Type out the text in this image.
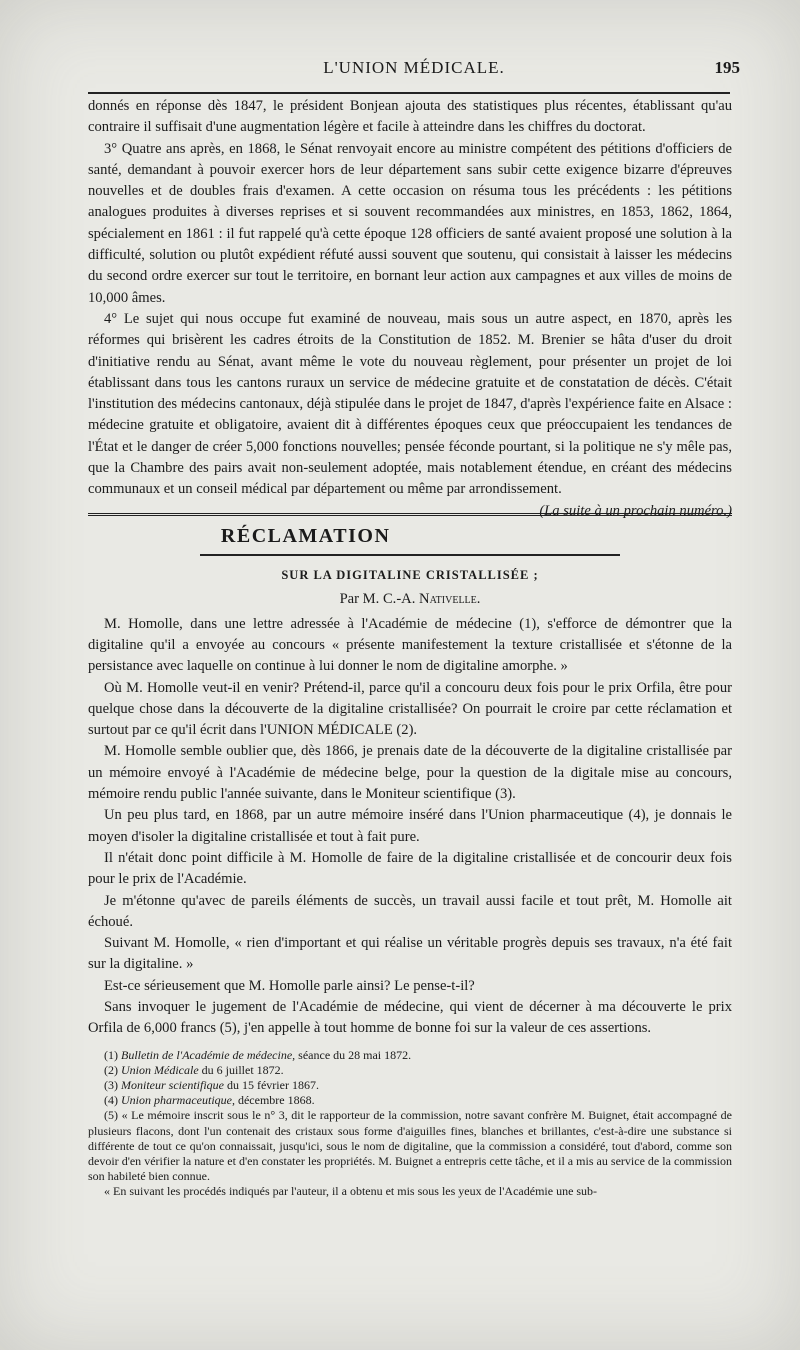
L'UNION MÉDICALE.	195

donnés en réponse dès 1847, le président Bonjean ajouta des statistiques plus récentes, établissant qu'au contraire il suffisait d'une augmentation légère et facile à atteindre dans les chiffres du doctorat.

3° Quatre ans après, en 1868, le Sénat renvoyait encore au ministre compétent des pétitions d'officiers de santé, demandant à pouvoir exercer hors de leur département sans subir cette exigence bizarre d'épreuves nouvelles et de doubles frais d'examen. A cette occasion on résuma tous les précédents : les pétitions analogues produites à diverses reprises et si souvent recommandées aux ministres, en 1853, 1862, 1864, spécialement en 1861 : il fut rappelé qu'à cette époque 128 officiers de santé avaient proposé une solution à la difficulté, solution ou plutôt expédient réfuté aussi souvent que soutenu, qui consistait à laisser les médecins du second ordre exercer sur tout le territoire, en bornant leur action aux campagnes et aux villes de moins de 10,000 âmes.

4° Le sujet qui nous occupe fut examiné de nouveau, mais sous un autre aspect, en 1870, après les réformes qui brisèrent les cadres étroits de la Constitution de 1852. M. Brenier se hâta d'user du droit d'initiative rendu au Sénat, avant même le vote du nouveau règlement, pour présenter un projet de loi établissant dans tous les cantons ruraux un service de médecine gratuite et de constatation de décès. C'était l'institution des médecins cantonaux, déjà stipulée dans le projet de 1847, d'après l'expérience faite en Alsace : médecine gratuite et obligatoire, avaient dit à différentes époques ceux que préoccupaient les tendances de l'État et le danger de créer 5,000 fonctions nouvelles; pensée féconde pourtant, si la politique ne s'y mêle pas, que la Chambre des pairs avait non-seulement adoptée, mais notablement étendue, en créant des médecins communaux et un conseil médical par département ou même par arrondissement.
(La suite à un prochain numéro.)

RÉCLAMATION
SUR LA DIGITALINE CRISTALLISÉE ;
Par M. C.-A. Nativelle.

M. Homolle, dans une lettre adressée à l'Académie de médecine (1), s'efforce de démontrer que la digitaline qu'il a envoyée au concours « présente manifestement la texture cristallisée et s'étonne de la persistance avec laquelle on continue à lui donner le nom de digitaline amorphe. »

Où M. Homolle veut-il en venir? Prétend-il, parce qu'il a concouru deux fois pour le prix Orfila, être pour quelque chose dans la découverte de la digitaline cristallisée? On pourrait le croire par cette réclamation et surtout par ce qu'il écrit dans l'UNION MÉDICALE (2).

M. Homolle semble oublier que, dès 1866, je prenais date de la découverte de la digitaline cristallisée par un mémoire envoyé à l'Académie de médecine belge, pour la question de la digitale mise au concours, mémoire rendu public l'année suivante, dans le Moniteur scientifique (3).

Un peu plus tard, en 1868, par un autre mémoire inséré dans l'Union pharmaceutique (4), je donnais le moyen d'isoler la digitaline cristallisée et tout à fait pure.

Il n'était donc point difficile à M. Homolle de faire de la digitaline cristallisée et de concourir deux fois pour le prix de l'Académie.

Je m'étonne qu'avec de pareils éléments de succès, un travail aussi facile et tout prêt, M. Homolle ait échoué.

Suivant M. Homolle, « rien d'important et qui réalise un véritable progrès depuis ses travaux, n'a été fait sur la digitaline. »

Est-ce sérieusement que M. Homolle parle ainsi? Le pense-t-il?

Sans invoquer le jugement de l'Académie de médecine, qui vient de décerner à ma découverte le prix Orfila de 6,000 francs (5), j'en appelle à tout homme de bonne foi sur la valeur de ces assertions.

(1) Bulletin de l'Académie de médecine, séance du 28 mai 1872.

(2) Union Médicale du 6 juillet 1872.

(3) Moniteur scientifique du 15 février 1867.

(4) Union pharmaceutique, décembre 1868.

(5) « Le mémoire inscrit sous le n° 3, dit le rapporteur de la commission, notre savant confrère M. Buignet, était accompagné de plusieurs flacons, dont l'un contenait des cristaux sous forme d'aiguilles fines, blanches et brillantes, c'est-à-dire une substance si différente de tout ce qu'on connaissait, jusqu'ici, sous le nom de digitaline, que la commission a considéré, tout d'abord, comme son devoir d'en vérifier la nature et d'en constater les propriétés. M. Buignet a entrepris cette tâche, et il a mis au service de la commission son habileté bien connue.

« En suivant les procédés indiqués par l'auteur, il a obtenu et mis sous les yeux de l'Académie une sub-
